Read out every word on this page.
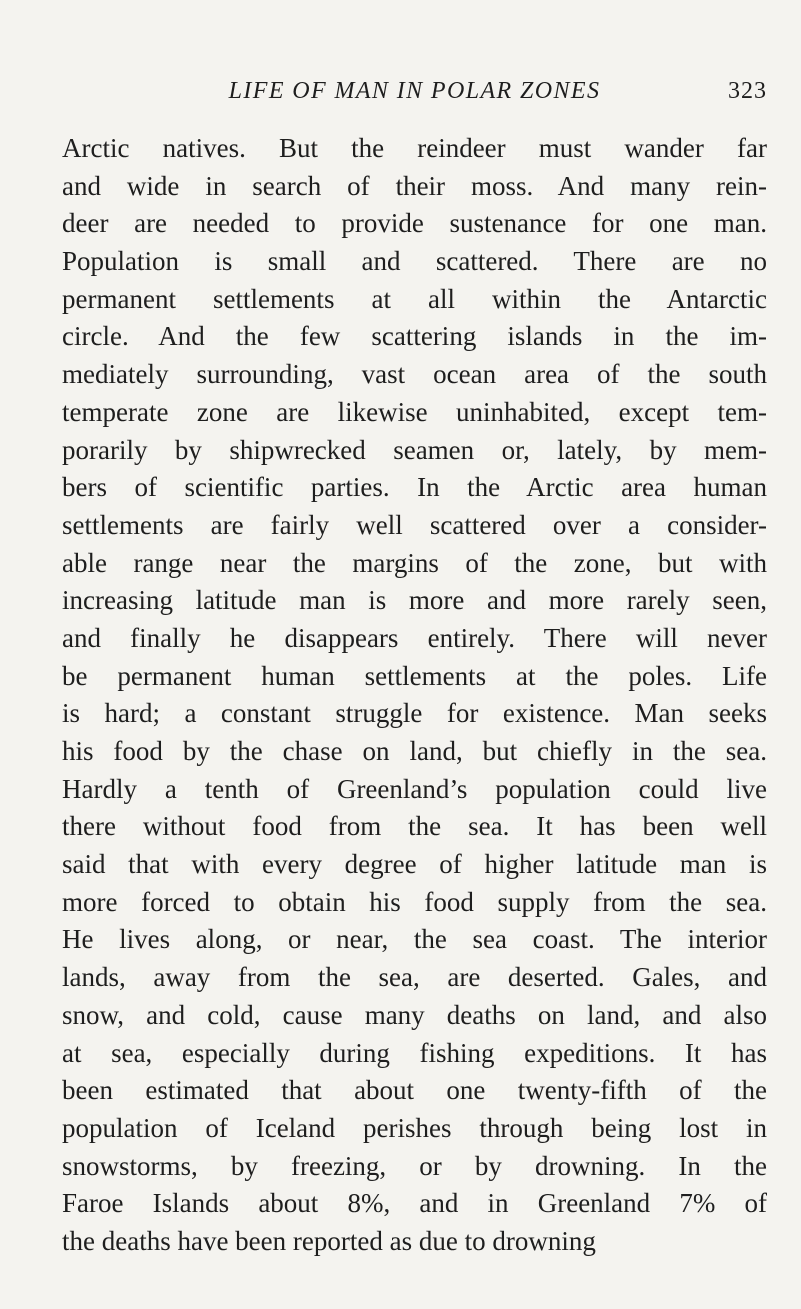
LIFE OF MAN IN POLAR ZONES	323
Arctic natives. But the reindeer must wander far
and wide in search of their moss. And many rein-
deer are needed to provide sustenance for one man.
Population is small and scattered. There are no
permanent settlements at all within the Antarctic
circle. And the few scattering islands in the im-
mediately surrounding, vast ocean area of the south
temperate zone are likewise uninhabited, except tem-
porarily by shipwrecked seamen or, lately, by mem-
bers of scientific parties. In the Arctic area human
settlements are fairly well scattered over a consider-
able range near the margins of the zone, but with
increasing latitude man is more and more rarely seen,
and finally he disappears entirely. There will never
be permanent human settlements at the poles. Life
is hard; a constant struggle for existence. Man seeks
his food by the chase on land, but chiefly in the sea.
Hardly a tenth of Greenland’s population could live
there without food from the sea. It has been well
said that with every degree of higher latitude man is
more forced to obtain his food supply from the sea.
He lives along, or near, the sea coast. The interior
lands, away from the sea, are deserted. Gales, and
snow, and cold, cause many deaths on land, and also
at sea, especially during fishing expeditions. It has
been estimated that about one twenty-fifth of the
population of Iceland perishes through being lost in
snowstorms, by freezing, or by drowning. In the
Faroe Islands about 8%, and in Greenland 7% of
the deaths have been reported as due to drowning
